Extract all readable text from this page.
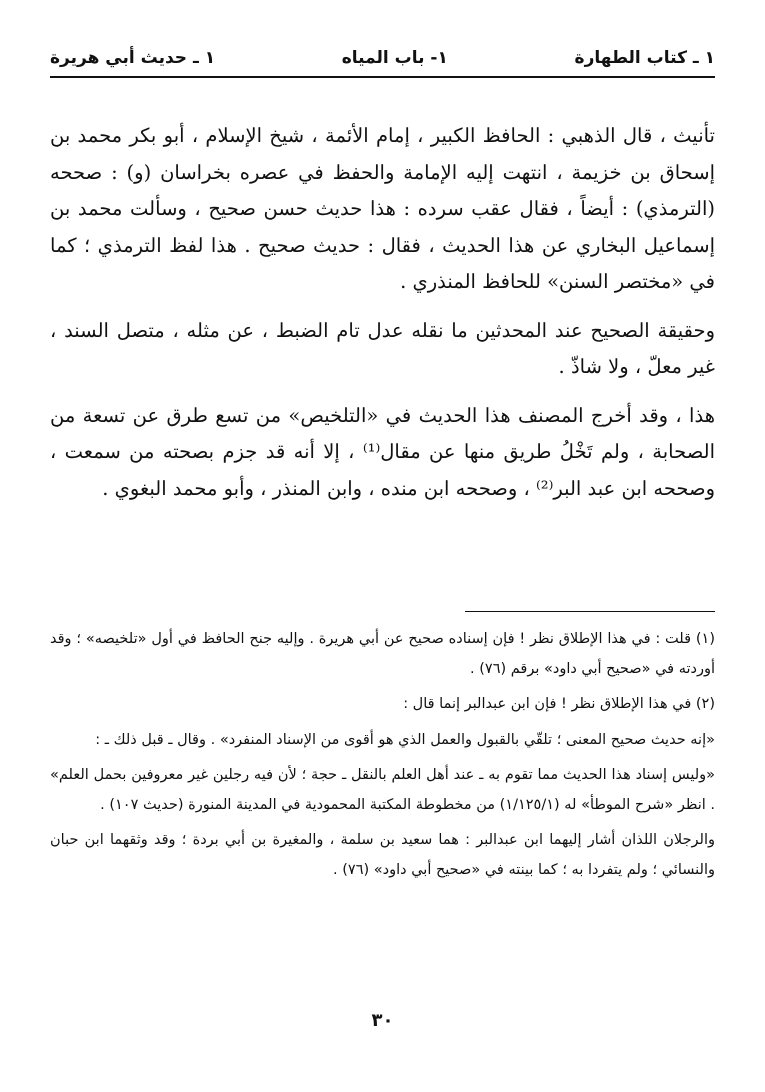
١ ـ كتاب الطهارة
١- باب المياه
١ ـ حديث أبي هريرة

تأنيث ، قال الذهبي : الحافظ الكبير ، إمام الأئمة ، شيخ الإسلام ، أبو بكر محمد بن إسحاق بن خزيمة ، انتهت إليه الإمامة والحفظ في عصره بخراسان (و) : صححه (الترمذي) : أيضاً ، فقال عقب سرده : هذا حديث حسن صحيح ، وسألت محمد بن إسماعيل البخاري عن هذا الحديث ، فقال : حديث صحيح . هذا لفظ الترمذي ؛ كما في «مختصر السنن» للحافظ المنذري .

وحقيقة الصحيح عند المحدثين ما نقله عدل تام الضبط ، عن مثله ، متصل السند ، غير معلّ ، ولا شاذّ .

هذا ، وقد أخرج المصنف هذا الحديث في «التلخيص» من تسع طرق عن تسعة من الصحابة ، ولم تَخْلُ طريق منها عن مقال⁽¹⁾ ، إلا أنه قد جزم بصحته من سمعت ، وصححه ابن عبد البر⁽²⁾ ، وصححه ابن منده ، وابن المنذر ، وأبو محمد البغوي .

(١) قلت : في هذا الإطلاق نظر ! فإن إسناده صحيح عن أبي هريرة . وإليه جنح الحافظ في أول «تلخيصه» ؛ وقد أوردته في «صحيح أبي داود» برقم (٧٦) .

(٢) في هذا الإطلاق نظر ! فإن ابن عبدالبر إنما قال :

«إنه حديث صحيح المعنى ؛ تلقّي بالقبول والعمل الذي هو أقوى من الإسناد المنفرد» . وقال ـ قبل ذلك ـ :

«وليس إسناد هذا الحديث مما تقوم به ـ عند أهل العلم بالنقل ـ حجة ؛ لأن فيه رجلين غير معروفين بحمل العلم» . انظر «شرح الموطأ» له (١/١٢٥/١) من مخطوطة المكتبة المحمودية في المدينة المنورة (حديث ١٠٧) .

والرجلان اللذان أشار إليهما ابن عبدالبر : هما سعيد بن سلمة ، والمغيرة بن أبي بردة ؛ وقد وثقهما ابن حبان والنسائي ؛ ولم يتفردا به ؛ كما بينته في «صحيح أبي داود» (٧٦) .

٣٠
